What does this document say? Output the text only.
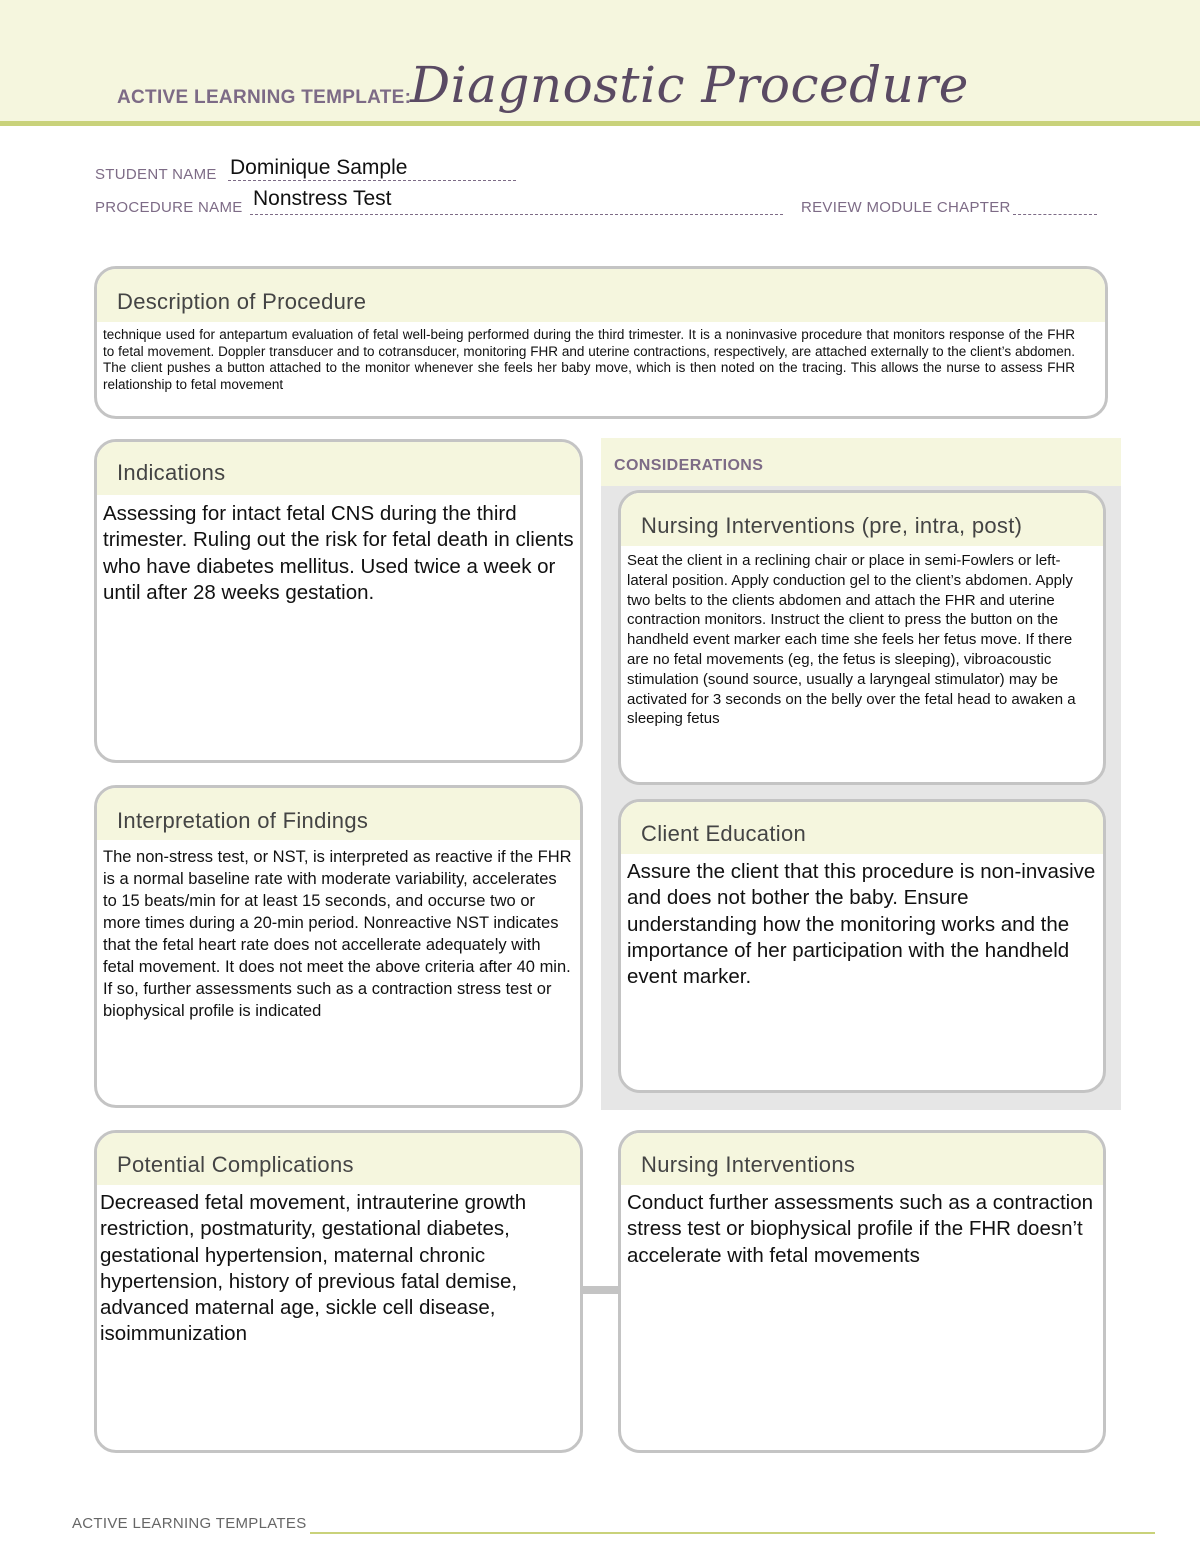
ACTIVE LEARNING TEMPLATE:
Diagnostic Procedure
STUDENT NAME Dominique Sample
PROCEDURE NAME Nonstress Test	REVIEW MODULE CHAPTER
Description of Procedure
technique used for antepartum evaluation of fetal well-being performed during the third trimester. It is a noninvasive procedure that monitors response of the FHR to fetal movement. Doppler transducer and to cotransducer, monitoring FHR and uterine contractions, respectively, are attached externally to the client’s abdomen. The client pushes a button attached to the monitor whenever she feels her baby move, which is then noted on the tracing. This allows the nurse to assess FHR relationship to fetal movement
Indications
Assessing for intact fetal CNS during the third trimester. Ruling out the risk for fetal death in clients who have diabetes mellitus. Used twice a week or until after 28 weeks gestation.
CONSIDERATIONS
Nursing Interventions (pre, intra, post)
Seat the client in a reclining chair or place in semi-Fowlers or left-lateral position. Apply conduction gel to the client’s abdomen. Apply two belts to the clients abdomen and attach the FHR and uterine contraction monitors. Instruct the client to press the button on the handheld event marker each time she feels her fetus move. If there are no fetal movements (eg, the fetus is sleeping), vibroacoustic stimulation (sound source, usually a laryngeal stimulator) may be activated for 3 seconds on the belly over the fetal head to awaken a sleeping fetus
Interpretation of Findings
The non-stress test, or NST, is interpreted as reactive if the FHR is a normal baseline rate with moderate variability, accelerates to 15 beats/min for at least 15 seconds, and occurse two or more times during a 20-min period. Nonreactive NST indicates that the fetal heart rate does not accellerate adequately with fetal movement. It does not meet the above criteria after 40 min. If so, further assessments such as a contraction stress test or biophysical profile is indicated
Client Education
Assure the client that this procedure is non-invasive and does not bother the baby. Ensure understanding how the monitoring works and the importance of her participation with the handheld event marker.
Potential Complications
Decreased fetal movement, intrauterine growth restriction, postmaturity, gestational diabetes, gestational hypertension, maternal chronic hypertension, history of previous fatal demise, advanced maternal age, sickle cell disease, isoimmunization
Nursing Interventions
Conduct further assessments such as a contraction stress test or biophysical profile if the FHR doesn’t accelerate with fetal movements
ACTIVE LEARNING TEMPLATES
